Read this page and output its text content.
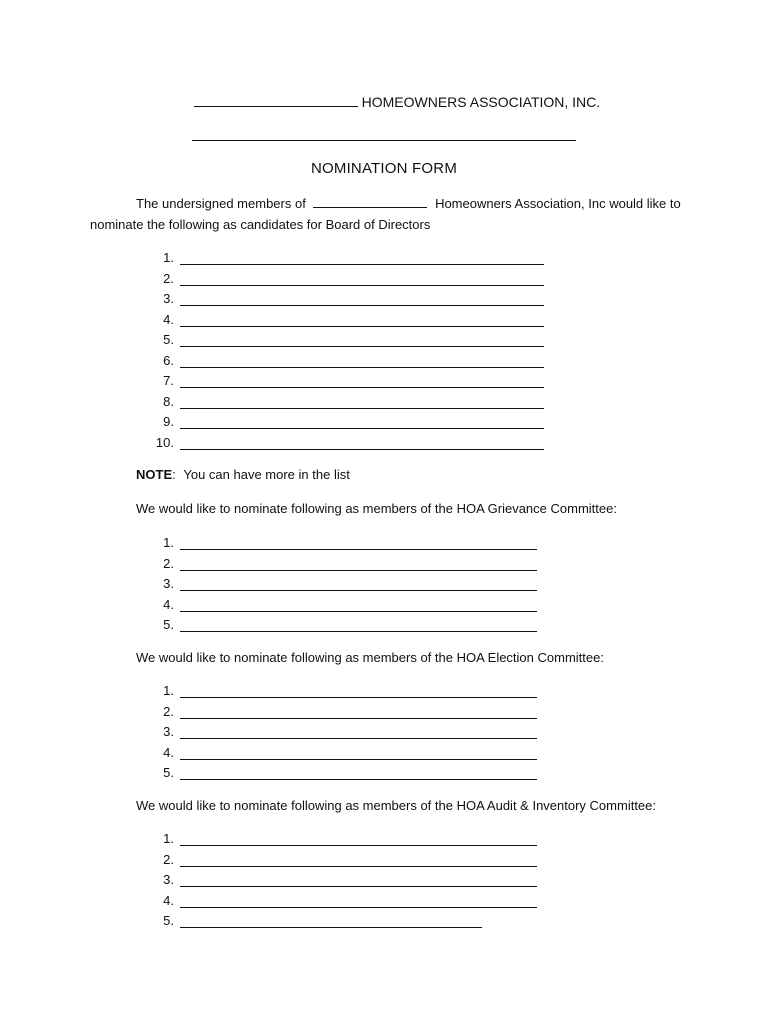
HOMEOWNERS ASSOCIATION, INC.
NOMINATION FORM
The undersigned members of	Homeowners Association, Inc would like to
nominate the following as candidates for Board of Directors
1.
2.
3.
4.
5.
6.
7.
8.
9.
10.
NOTE: You can have more in the list
We would like to nominate following as members of the HOA Grievance Committee:
1.
2.
3.
4.
5.
We would like to nominate following as members of the HOA Election Committee:
1.
2.
3.
4.
5.
We would like to nominate following as members of the HOA Audit & Inventory Committee:
1.
2.
3.
4.
5.
